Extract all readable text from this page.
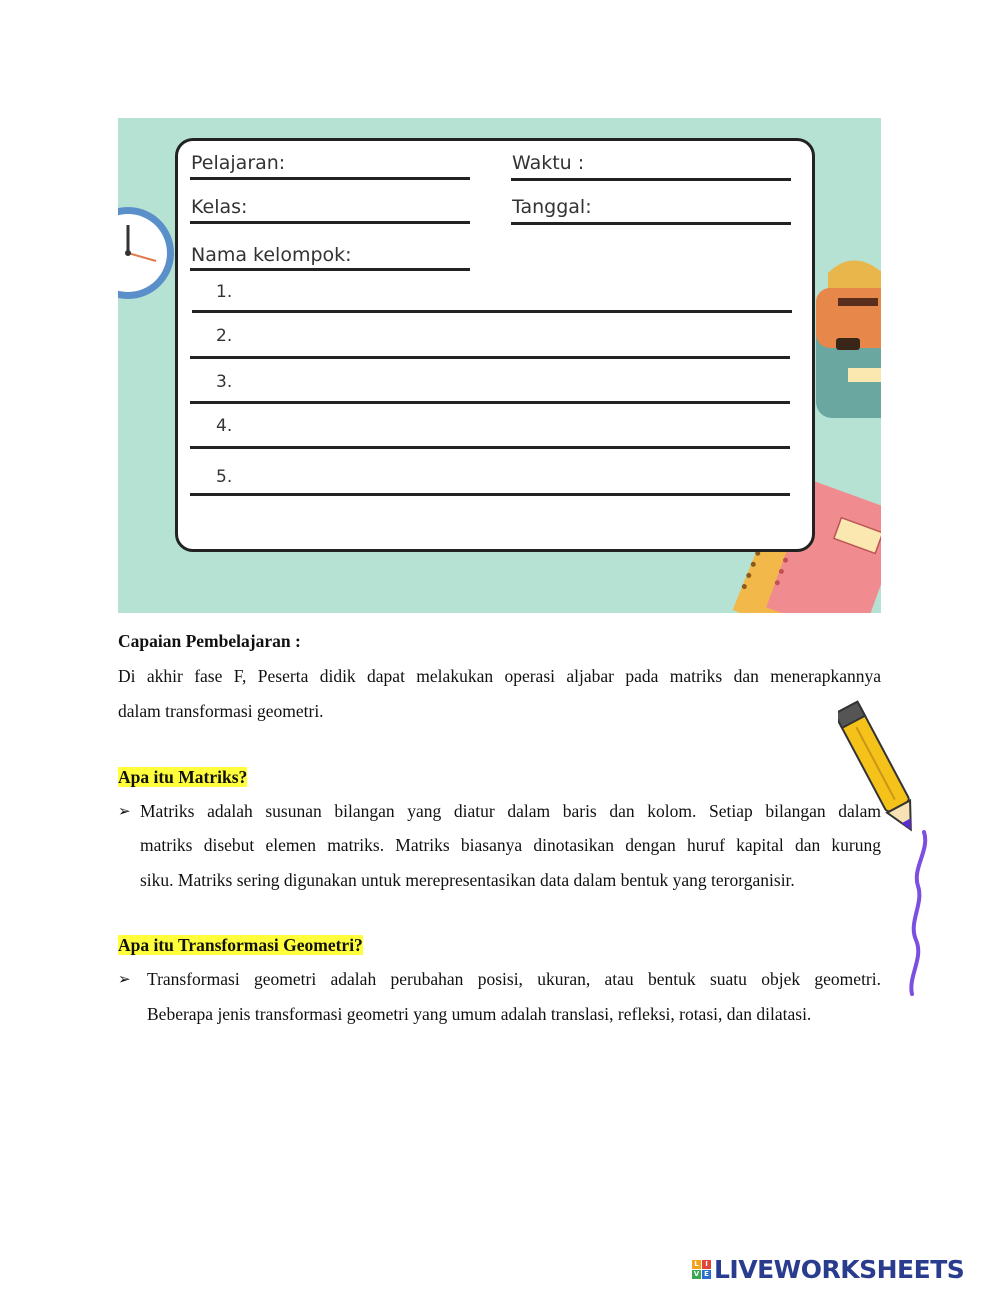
Pelajaran:	Waktu :
Kelas:	Tanggal:
Nama kelompok:
1.
2.
3.
4.
5.
Capaian Pembelajaran :
Di akhir fase F, Peserta didik dapat melakukan operasi aljabar pada matriks dan menerapkannya
dalam transformasi geometri.
Apa itu Matriks?
➢ Matriks adalah susunan bilangan yang diatur dalam baris dan kolom. Setiap bilangan dalam
matriks disebut elemen matriks. Matriks biasanya dinotasikan dengan huruf kapital dan kurung
siku. Matriks sering digunakan untuk merepresentasikan data dalam bentuk yang terorganisir.
Apa itu Transformasi Geometri?
➢ Transformasi geometri adalah perubahan posisi, ukuran, atau bentuk suatu objek geometri.
Beberapa jenis transformasi geometri yang umum adalah translasi, refleksi, rotasi, dan dilatasi.
L I
V E LIVEWORKSHEETS
